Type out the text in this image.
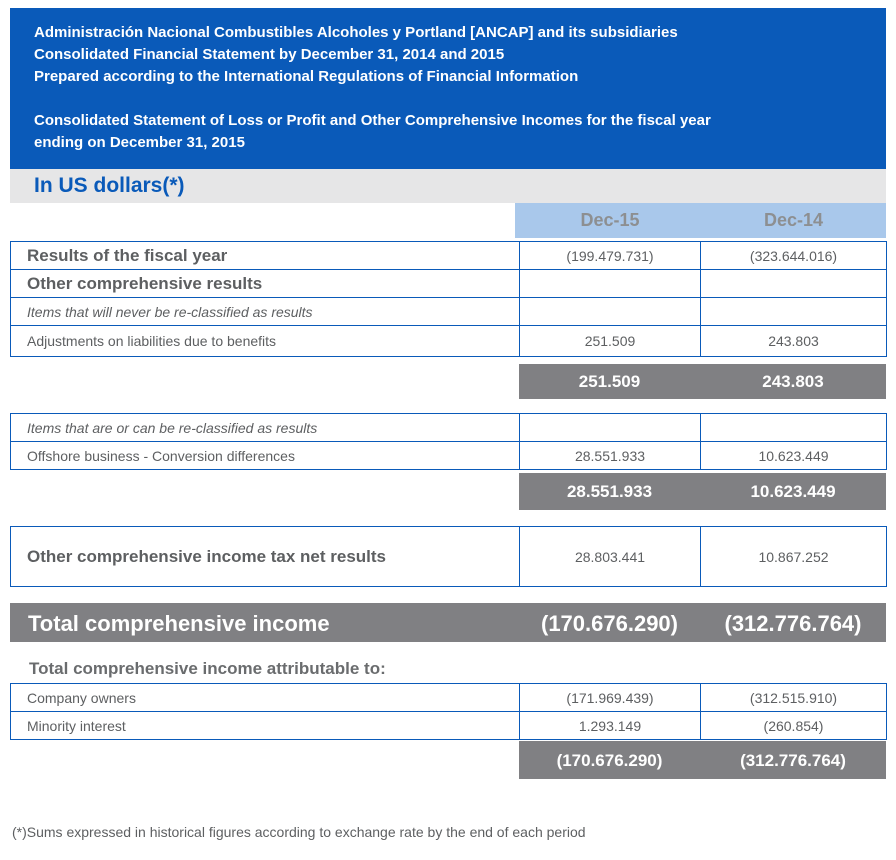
Administración Nacional Combustibles Alcoholes y Portland [ANCAP] and its subsidiaries
Consolidated Financial Statement by December 31, 2014 and 2015
Prepared according to the International Regulations of Financial Information
Consolidated Statement of Loss or Profit and Other Comprehensive Incomes for the fiscal year
ending on December 31, 2015
In US dollars(*)
Dec-15	Dec-14
Results of the fiscal year	(199.479.731)	(323.644.016)
Other comprehensive results		
Items that will never be re-classified as results		
Adjustments on liabilities due to benefits	251.509	243.803
251.509	243.803
Items that are or can be re-classified as results		
Offshore business - Conversion differences	28.551.933	10.623.449
28.551.933	10.623.449
Other comprehensive income tax net results	28.803.441	10.867.252
Total comprehensive income	(170.676.290)	(312.776.764)
Total comprehensive income attributable to:
Company owners	(171.969.439)	(312.515.910)
Minority interest	1.293.149	(260.854)
(170.676.290)	(312.776.764)
(*)Sums expressed in historical figures according to exchange rate by the end of each period
